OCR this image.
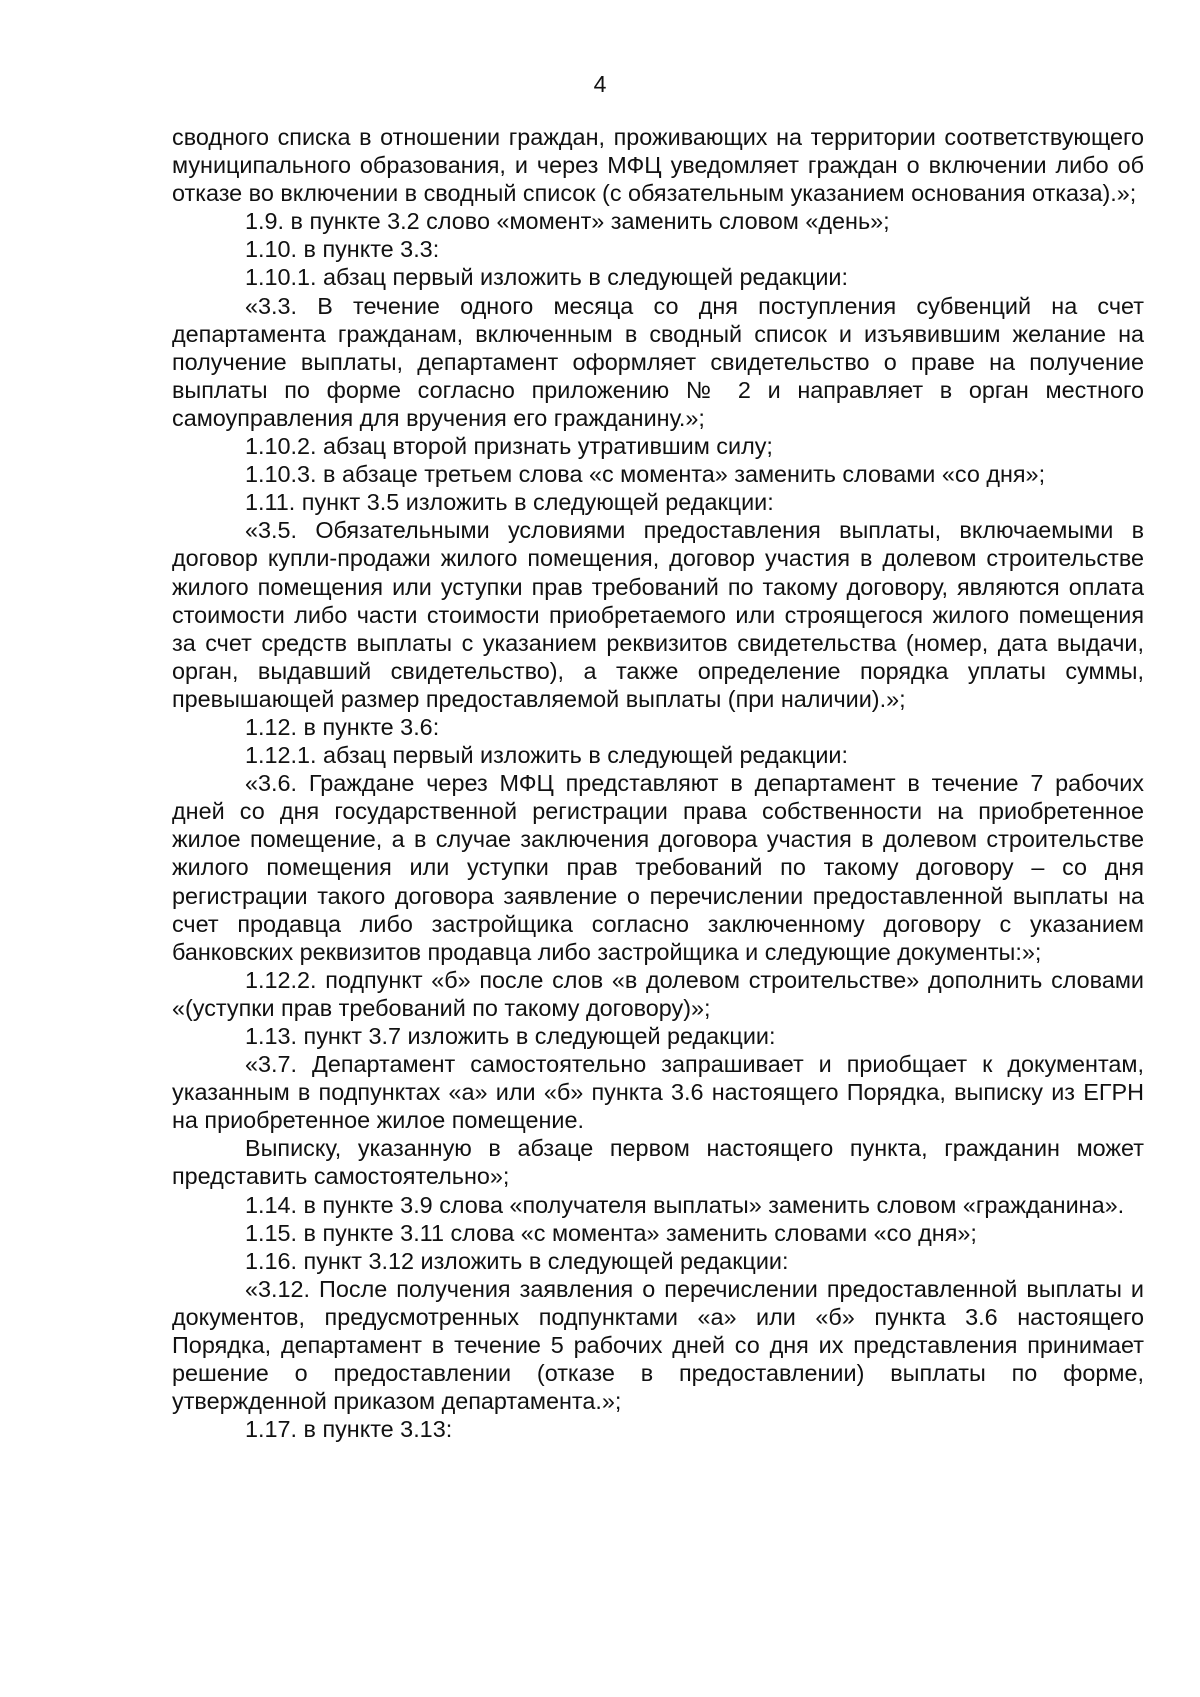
4

сводного списка в отношении граждан, проживающих на территории соответствующего муниципального образования, и через МФЦ уведомляет граждан о включении либо об отказе во включении в сводный список (с обязательным указанием основания отказа).»;

1.9. в пункте 3.2 слово «момент» заменить словом «день»;

1.10. в пункте 3.3:

1.10.1. абзац первый изложить в следующей редакции:

«3.3. В течение одного месяца со дня поступления субвенций на счет департамента гражданам, включенным в сводный список и изъявившим желание на получение выплаты, департамент оформляет свидетельство о праве на получение выплаты по форме согласно приложению № 2 и направляет в орган местного самоуправления для вручения его гражданину.»;

1.10.2. абзац второй признать утратившим силу;

1.10.3. в абзаце третьем слова «с момента» заменить словами «со дня»;

1.11. пункт 3.5 изложить в следующей редакции:

«3.5. Обязательными условиями предоставления выплаты, включаемыми в договор купли-продажи жилого помещения, договор участия в долевом строительстве жилого помещения или уступки прав требований по такому договору, являются оплата стоимости либо части стоимости приобретаемого или строящегося жилого помещения за счет средств выплаты с указанием реквизитов свидетельства (номер, дата выдачи, орган, выдавший свидетельство), а также определение порядка уплаты суммы, превышающей размер предоставляемой выплаты (при наличии).»;

1.12. в пункте 3.6:

1.12.1. абзац первый изложить в следующей редакции:

«3.6. Граждане через МФЦ представляют в департамент в течение 7 рабочих дней со дня государственной регистрации права собственности на приобретенное жилое помещение, а в случае заключения договора участия в долевом строительстве жилого помещения или уступки прав требований по такому договору – со дня регистрации такого договора заявление о перечислении предоставленной выплаты на счет продавца либо застройщика согласно заключенному договору с указанием банковских реквизитов продавца либо застройщика и следующие документы:»;

1.12.2. подпункт «б» после слов «в долевом строительстве» дополнить словами «(уступки прав требований по такому договору)»;

1.13. пункт 3.7 изложить в следующей редакции:

«3.7. Департамент самостоятельно запрашивает и приобщает к документам, указанным в подпунктах «а» или «б» пункта 3.6 настоящего Порядка, выписку из ЕГРН на приобретенное жилое помещение.

Выписку, указанную в абзаце первом настоящего пункта, гражданин может представить самостоятельно»;

1.14. в пункте 3.9 слова «получателя выплаты» заменить словом «гражданина».

1.15. в пункте 3.11 слова «с момента» заменить словами «со дня»;

1.16. пункт 3.12 изложить в следующей редакции:

«3.12. После получения заявления о перечислении предоставленной выплаты и документов, предусмотренных подпунктами «а» или «б» пункта 3.6 настоящего Порядка, департамент в течение 5 рабочих дней со дня их представления принимает решение о предоставлении (отказе в предоставлении) выплаты по форме, утвержденной приказом департамента.»;

1.17. в пункте 3.13:
